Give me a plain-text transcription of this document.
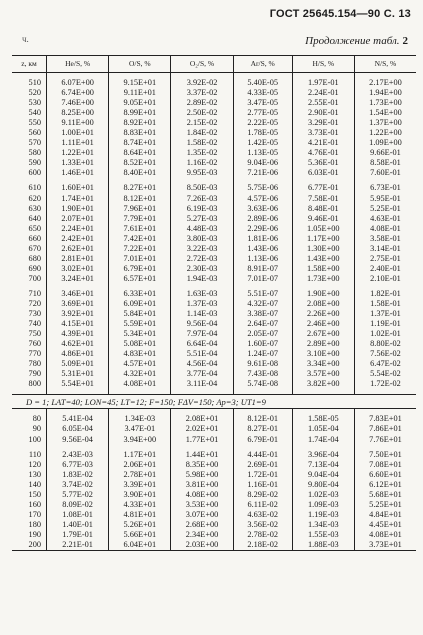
ГОСТ 25645.154—90 С. 13
ч.	Продолжение табл. 2
z, км	He/S, %	O/S, %	O₂/S, %	Ar/S, %	H/S, %	N/S, %

510	6.07E+00	9.15E+01	3.92E-02	5.40E-05	1.97E-01	2.17E+00
520	6.74E+00	9.11E+01	3.37E-02	4.33E-05	2.24E-01	1.94E+00
530	7.46E+00	9.05E+01	2.89E-02	3.47E-05	2.55E-01	1.73E+00
540	8.25E+00	8.99E+01	2.50E-02	2.77E-05	2.90E-01	1.54E+00
550	9.11E+00	8.92E+01	2.15E-02	2.22E-05	3.29E-01	1.37E+00
560	1.00E+01	8.83E+01	1.84E-02	1.78E-05	3.73E-01	1.22E+00
570	1.11E+01	8.74E+01	1.58E-02	1.42E-05	4.21E-01	1.09E+00
580	1.22E+01	8.64E+01	1.35E-02	1.13E-05	4.76E-01	9.66E-01
590	1.33E+01	8.52E+01	1.16E-02	9.04E-06	5.36E-01	8.58E-01
600	1.46E+01	8.40E+01	9.95E-03	7.21E-06	6.03E-01	7.60E-01

610	1.60E+01	8.27E+01	8.50E-03	5.75E-06	6.77E-01	6.73E-01
620	1.74E+01	8.12E+01	7.26E-03	4.57E-06	7.58E-01	5.95E-01
630	1.90E+01	7.96E+01	6.19E-03	3.63E-06	8.48E-01	5.25E-01
640	2.07E+01	7.79E+01	5.27E-03	2.89E-06	9.46E-01	4.63E-01
650	2.24E+01	7.61E+01	4.48E-03	2.29E-06	1.05E+00	4.08E-01
660	2.42E+01	7.42E+01	3.80E-03	1.81E-06	1.17E+00	3.58E-01
670	2.62E+01	7.22E+01	3.22E-03	1.43E-06	1.30E+00	3.14E-01
680	2.81E+01	7.01E+01	2.72E-03	1.13E-06	1.43E+00	2.75E-01
690	3.02E+01	6.79E+01	2.30E-03	8.91E-07	1.58E+00	2.40E-01
700	3.24E+01	6.57E+01	1.94E-03	7.01E-07	1.73E+00	2.10E-01

710	3.46E+01	6.33E+01	1.63E-03	5.51E-07	1.90E+00	1.82E-01
720	3.69E+01	6.09E+01	1.37E-03	4.32E-07	2.08E+00	1.58E-01
730	3.92E+01	5.84E+01	1.14E-03	3.38E-07	2.26E+00	1.37E-01
740	4.15E+01	5.59E+01	9.56E-04	2.64E-07	2.46E+00	1.19E-01
750	4.39E+01	5.34E+01	7.97E-04	2.05E-07	2.67E+00	1.02E-01
760	4.62E+01	5.08E+01	6.64E-04	1.60E-07	2.89E+00	8.80E-02
770	4.86E+01	4.83E+01	5.51E-04	1.24E-07	3.10E+00	7.56E-02
780	5.09E+01	4.57E+01	4.56E-04	9.61E-08	3.34E+00	6.47E-02
790	5.31E+01	4.32E+01	3.77E-04	7.43E-08	3.57E+00	5.54E-02
800	5.54E+01	4.08E+01	3.11E-04	5.74E-08	3.82E+00	1.72E-02

D = 1; LAT=40; LON=45; LT=12; F=150; FΔV=150; Ap=3; UT1=9						

80	5.41E-04	1.34E-03	2.08E+01	8.12E-01	1.58E-05	7.83E+01
90	6.05E-04	3.47E-01	2.02E+01	8.27E-01	1.05E-04	7.86E+01
100	9.56E-04	3.94E+00	1.77E+01	6.79E-01	1.74E-04	7.76E+01

110	2.43E-03	1.17E+01	1.44E+01	4.44E-01	3.96E-04	7.50E+01
120	6.77E-03	2.06E+01	8.35E+00	2.69E-01	7.13E-04	7.08E+01
130	1.83E-02	2.78E+01	5.98E+00	1.72E-01	9.04E-04	6.60E+01
140	3.74E-02	3.39E+01	3.81E+00	1.16E-01	9.80E-04	6.12E+01
150	5.77E-02	3.90E+01	4.08E+00	8.29E-02	1.02E-03	5.68E+01
160	8.09E-02	4.33E+01	3.53E+00	6.11E-02	1.09E-03	5.25E+01
170	1.08E-01	4.81E+01	3.07E+00	4.63E-02	1.19E-03	4.84E+01
180	1.40E-01	5.26E+01	2.68E+00	3.56E-02	1.34E-03	4.45E+01
190	1.79E-01	5.66E+01	2.34E+00	2.78E-02	1.55E-03	4.08E+01
200	2.21E-01	6.04E+01	2.03E+00	2.18E-02	1.88E-03	3.73E+01
